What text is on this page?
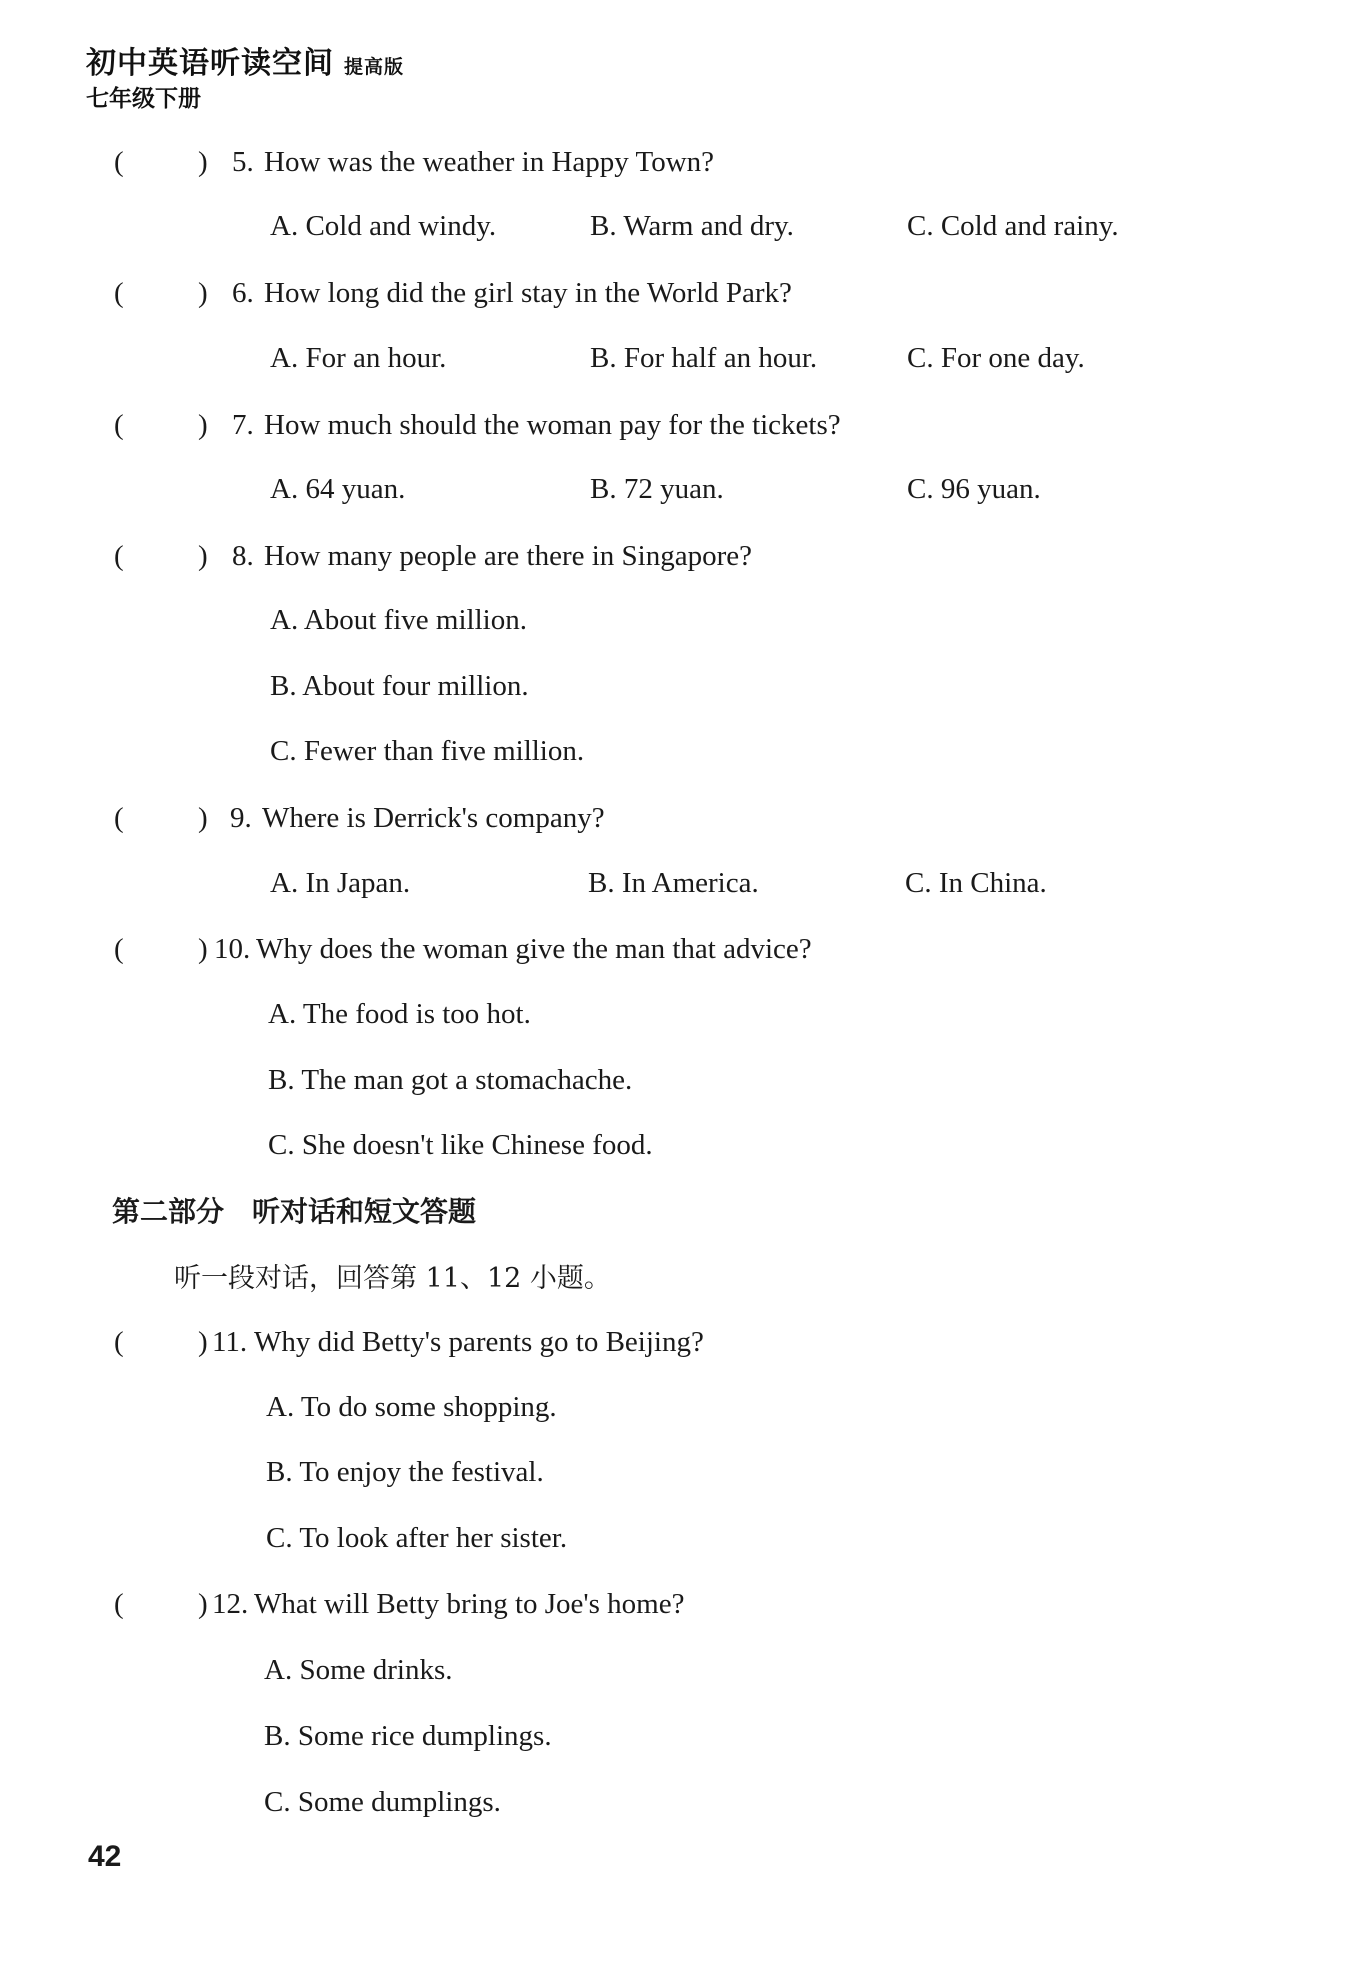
初中英语听读空间 提高版
七年级下册
(	) 5. How was the weather in Happy Town?
A. Cold and windy.	B. Warm and dry.	C. Cold and rainy.
(	) 6. How long did the girl stay in the World Park?
A. For an hour.	B. For half an hour.	C. For one day.
(	) 7. How much should the woman pay for the tickets?
A. 64 yuan.	B. 72 yuan.	C. 96 yuan.
(	) 8. How many people are there in Singapore?
A. About five million.
B. About four million.
C. Fewer than five million.
(	) 9. Where is Derrick's company?
A. In Japan.	B. In America.	C. In China.
(	) 10. Why does the woman give the man that advice?
A. The food is too hot.
B. The man got a stomachache.
C. She doesn't like Chinese food.
(	) 11. Why did Betty's parents go to Beijing?
A. To do some shopping.
B. To enjoy the festival.
C. To look after her sister.
(	) 12. What will Betty bring to Joe's home?
A. Some drinks.
B. Some rice dumplings.
C. Some dumplings.
第二部分 听对话和短文答题
听一段对话，回答第 11、12 小题。
42
